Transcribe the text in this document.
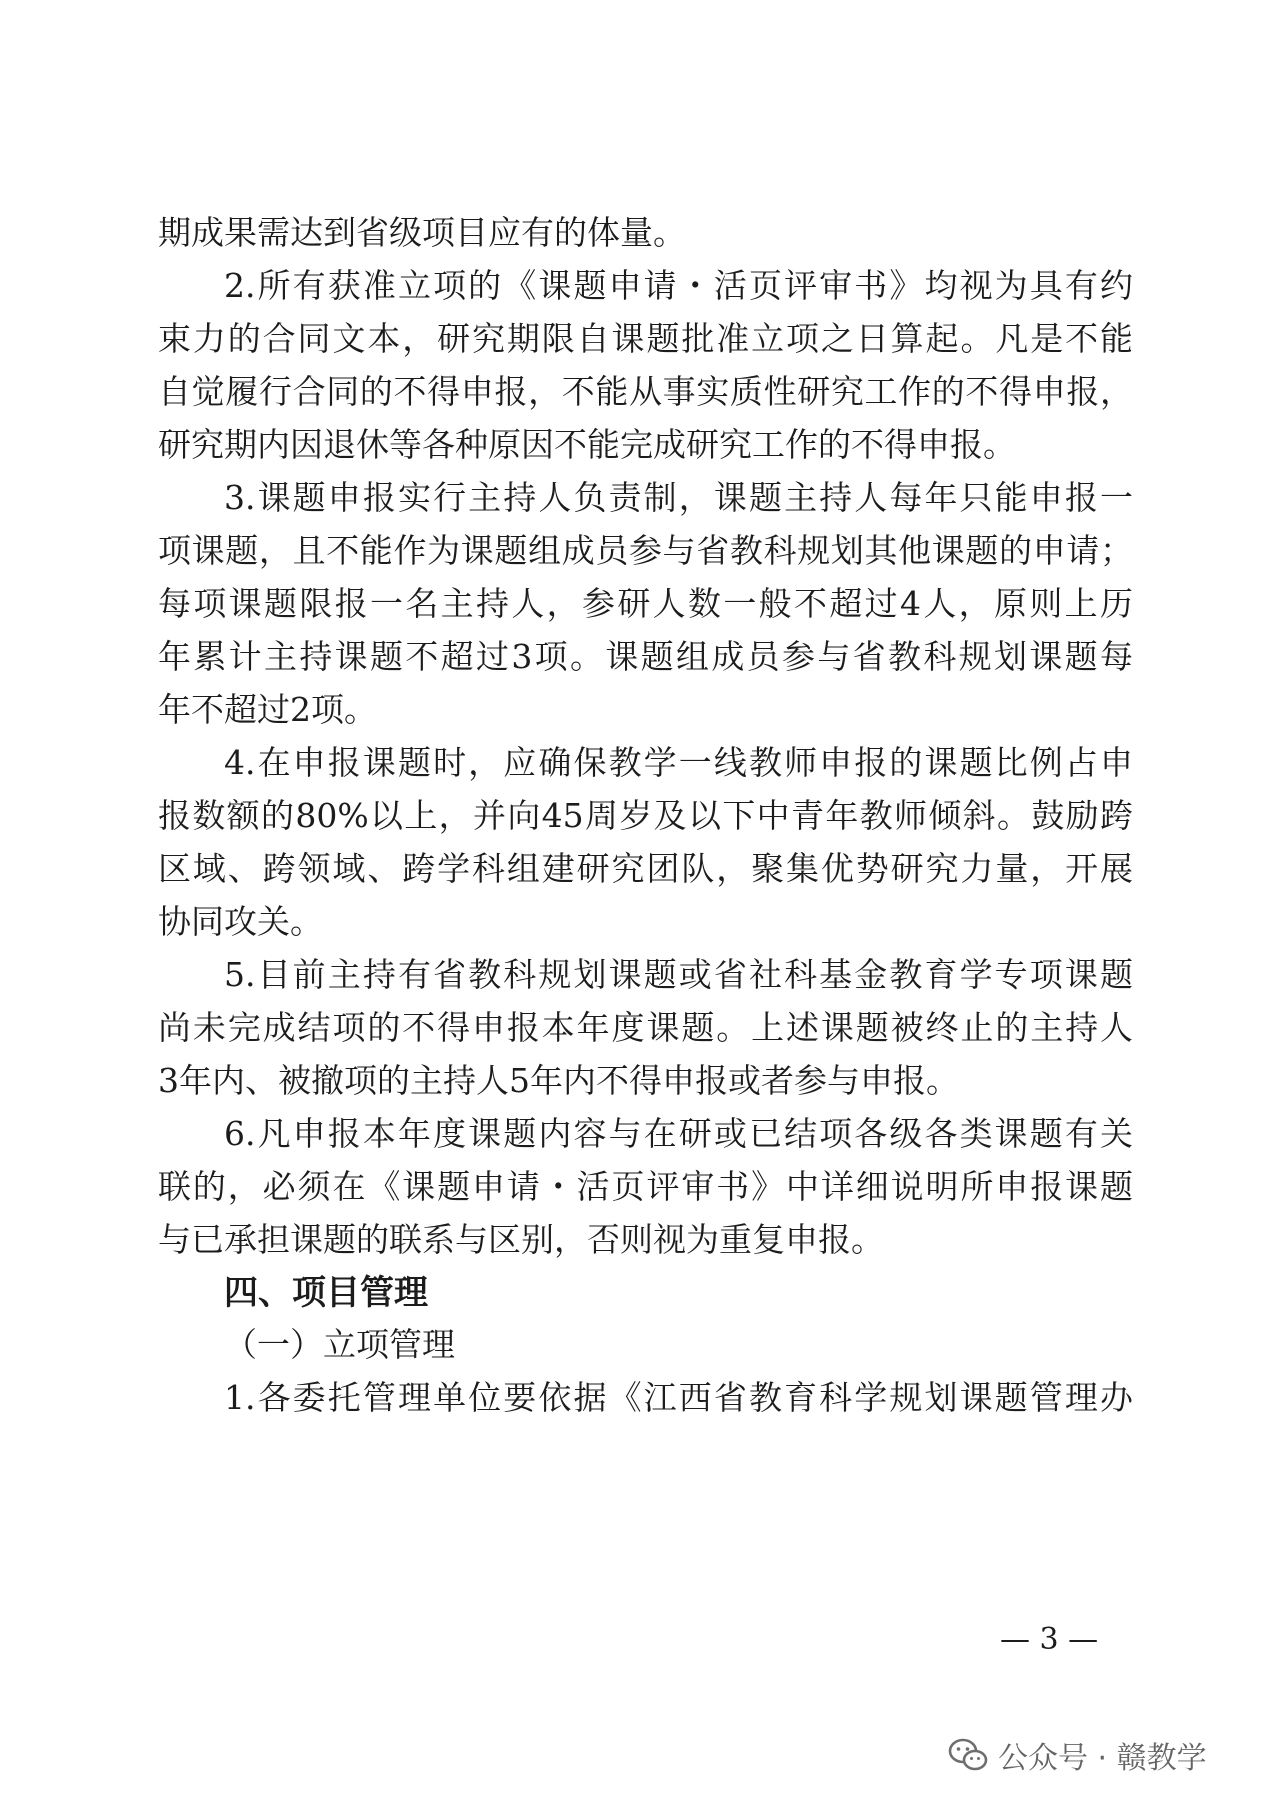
期成果需达到省级项目应有的体量。
2.所有获准立项的《课题申请・活页评审书》均视为具有约
束力的合同文本，研究期限自课题批准立项之日算起。凡是不能
自觉履行合同的不得申报，不能从事实质性研究工作的不得申报，
研究期内因退休等各种原因不能完成研究工作的不得申报。
3.课题申报实行主持人负责制，课题主持人每年只能申报一
项课题，且不能作为课题组成员参与省教科规划其他课题的申请；
每项课题限报一名主持人，参研人数一般不超过4人，原则上历
年累计主持课题不超过3项。课题组成员参与省教科规划课题每
年不超过2项。
4.在申报课题时，应确保教学一线教师申报的课题比例占申
报数额的80%以上，并向45周岁及以下中青年教师倾斜。鼓励跨
区域、跨领域、跨学科组建研究团队，聚集优势研究力量，开展
协同攻关。
5.目前主持有省教科规划课题或省社科基金教育学专项课题
尚未完成结项的不得申报本年度课题。上述课题被终止的主持人
3年内、被撤项的主持人5年内不得申报或者参与申报。
6.凡申报本年度课题内容与在研或已结项各级各类课题有关
联的，必须在《课题申请・活页评审书》中详细说明所申报课题
与已承担课题的联系与区别，否则视为重复申报。
四、项目管理
（一）立项管理
1.各委托管理单位要依据《江西省教育科学规划课题管理办
— 3 —
公众号 · 赣教学
